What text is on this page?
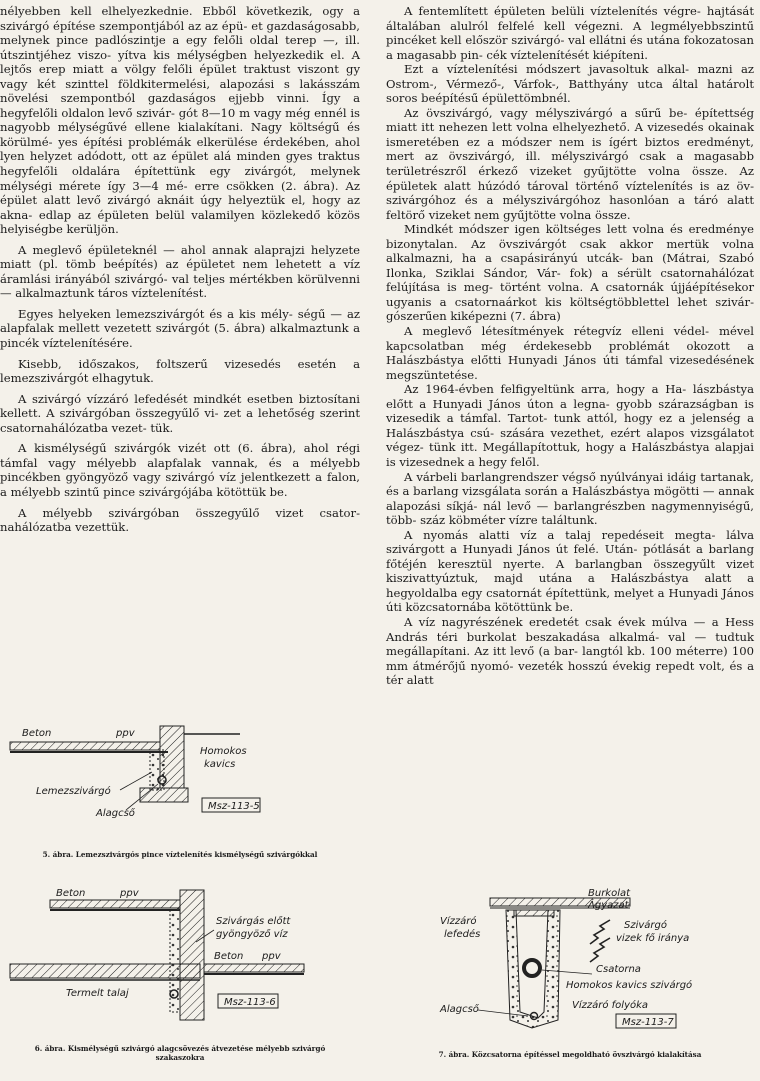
nélyebben kell elhelyezkednie. Ebből következik, ogy a szivárgó építése szempontjából az az épü- et gazdaságosabb, melynek pince padlószintje a egy felőli oldal terep —, ill. útszintjéhez viszo- yítva kis mélységben helyezkedik el. A lejtős erep miatt a völgy felőli épület traktust viszont gy vagy két szinttel földkitermelési, alapozási s lakásszám növelési szempontból gazdaságos ejjebb vinni. Így a hegyfelőli oldalon levő szivár- gót 8—10 m vagy még ennél is nagyobb mélységűvé ellene kialakítani. Nagy költségű és körülmé- yes építési problémák elkerülése érdekében, ahol lyen helyzet adódott, ott az épület alá minden gyes traktus hegyfelőli oldalára építettünk egy zivárgót, melynek mélységi mérete így 3—4 mé- erre csökken (2. ábra). Az épület alatt levő zivárgó aknáit úgy helyeztük el, hogy az akna- edlap az épületen belül valamilyen közlekedő közös helyiségbe kerüljön.

A meglevő épületeknél — ahol annak alaprajzi helyzete miatt (pl. tömb beépítés) az épületet nem lehetett a víz áramlási irányából szivárgó- val teljes mértékben körülvenni — alkalmaztunk táros víztelenítést.

Egyes helyeken lemezszivárgót és a kis mély- ségű — az alapfalak mellett vezetett szivárgót (5. ábra) alkalmaztunk a pincék víztelenítésére.

Kisebb, időszakos, foltszerű vizesedés esetén a lemezszivárgót elhagytuk.

A szivárgó vízzáró lefedését mindkét esetben biztosítani kellett. A szivárgóban összegyűlő vi- zet a lehetőség szerint csatornahálózatba vezet- tük.

A kismélységű szivárgók vizét ott (6. ábra), ahol régi támfal vagy mélyebb alapfalak vannak, és a mélyebb pincékben gyöngyöző vagy szivárgó víz jelentkezett a falon, a mélyebb szintű pince szivárgójába kötöttük be.

A mélyebb szivárgóban összegyűlő vizet csator- nahálózatba vezettük.

A fentemlített épületen belüli víztelenítés végre- hajtását általában alulról felfelé kell végezni. A legmélyebbszintű pincéket kell először szivárgó- val ellátni és utána fokozatosan a magasabb pin- cék víztelenítését kiépíteni.

Ezt a víztelenítési módszert javasoltuk alkal- mazni az Ostrom-, Vérmező-, Várfok-, Batthyány utca által határolt soros beépítésű épülettömbnél.

Az övszivárgó, vagy mélyszivárgó a sűrű be- építettség miatt itt nehezen lett volna elhelyezhető. A vizesedés okainak ismeretében ez a módszer nem is ígért biztos eredményt, mert az övszivárgó, ill. mélyszivárgó csak a magasabb területrészről érkező vizeket gyűjtötte volna össze. Az épületek alatt húzódó tároval történő víztelenítés is az öv- szivárgóhoz és a mélyszivárgóhoz hasonlóan a táró alatt feltörő vizeket nem gyűjtötte volna össze.

Mindkét módszer igen költséges lett volna és eredménye bizonytalan. Az övszivárgót csak akkor mertük volna alkalmazni, ha a csapásirányú utcák- ban (Mátrai, Szabó Ilonka, Sziklai Sándor, Vár- fok) a sérült csatornahálózat felújítása is meg- történt volna. A csatornák újjáépítésekor ugyanis a csatornaárkot kis költségtöbblettel lehet szivár- gószerűen kiképezni (7. ábra)

A meglevő létesítmények rétegvíz elleni védel- mével kapcsolatban még érdekesebb problémát okozott a Halászbástya előtti Hunyadi János úti támfal vizesedésének megszüntetése.

Az 1964-évben felfigyeltünk arra, hogy a Ha- lászbástya előtt a Hunyadi János úton a legna- gyobb szárazságban is vizesedik a támfal. Tartot- tunk attól, hogy ez a jelenség a Halászbástya csú- szására vezethet, ezért alapos vizsgálatot végez- tünk itt. Megállapítottuk, hogy a Halászbástya alapjai is vizesednek a hegy felől.

A várbeli barlangrendszer végső nyúlványai idáig tartanak, és a barlang vizsgálata során a Halászbástya mögötti — annak alapozási síkjá- nál levő — barlangrészben nagymennyiségű, több- száz köbméter vízre találtunk.

A nyomás alatti víz a talaj repedéseit megta- lálva szivárgott a Hunyadi János út felé. Után- pótlását a barlang főtéjén keresztül nyerte. A barlangban összegyűlt vizet kiszivattyúztuk, majd utána a Halászbástya alatt a hegyoldalba egy csatornát építettünk, melyet a Hunyadi János úti közcsatornába kötöttünk be.

A víz nagyrészének eredetét csak évek múlva — a Hess András téri burkolat beszakadása alkalmá- val — tudtuk megállapítani. Az itt levő (a bar- langtól kb. 100 méterre) 100 mm átmérőjű nyomó- vezeték hosszú évekig repedt volt, és a tér alatt

Beton	ppv
Homokos
kavics
Lemezszivárgó
Alagcső
Msz-113-5
5. ábra. Lemezszivárgós pince víztelenítés kismélységű szivárgókkal
Beton	ppv
Szivárgás előtt
gyöngyöző víz
Beton ppv
Termelt talaj
Msz-113-6
6. ábra. Kismélységű szivárgó alagcsövezés átvezetése mélyebb szivárgó
szakaszokra
Burkolat
Ágyazat
Vízzáró
lefedés
Szivárgó
vizek fő iránya
Csatorna
Homokos kavics szivárgó
Alagcső	Vízzáró folyóka
Msz-113-7
7. ábra. Közcsatorna építéssel megoldható övszivárgó kialakítása
